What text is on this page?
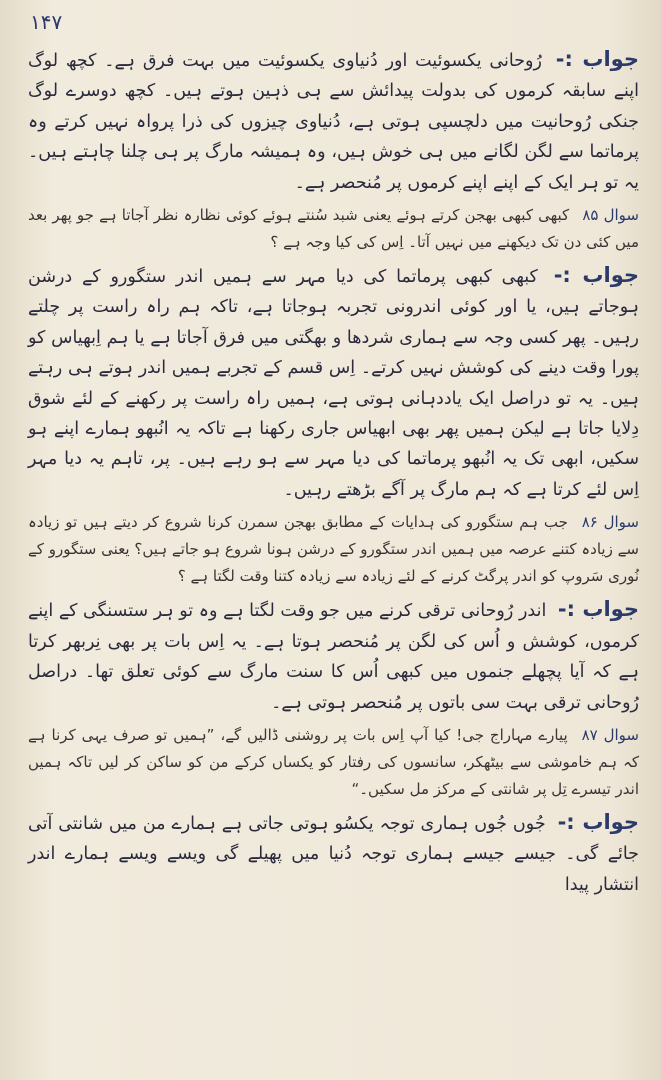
۱۴۷

جواب :- رُوحانی یکسوئیت اور دُنیاوی یکسوئیت میں بہت فرق ہے۔ کچھ لوگ اپنے سابقہ کرموں کی بدولت پیدائش سے ہی ذہین ہوتے ہیں۔ کچھ دوسرے لوگ جنکی رُوحانیت میں دلچسپی ہوتی ہے، دُنیاوی چیزوں کی ذرا پرواہ نہیں کرتے وہ پرماتما سے لگن لگانے میں ہی خوش ہیں، وہ ہمیشہ مارگ پر ہی چلنا چاہتے ہیں۔ یہ تو ہر ایک کے اپنے اپنے کرموں پر مُنحصر ہے۔

سوال ۸۵ کبھی کبھی بھجن کرتے ہوئے یعنی شبد سُنتے ہوئے کوئی نظارہ نظر آجاتا ہے جو پھر بعد میں کئی دن تک دیکھنے میں نہیں آتا۔ اِس کی کیا وجہ ہے ؟

جواب :- کبھی کبھی پرماتما کی دیا مہر سے ہمیں اندر ستگورو کے درشن ہوجاتے ہیں، یا اور کوئی اندرونی تجربہ ہوجاتا ہے، تاکہ ہم راہ راست پر چلتے رہیں۔ پھر کسی وجہ سے ہماری شردھا و بھگتی میں فرق آجاتا ہے یا ہم اِبھیاس کو پورا وقت دینے کی کوشش نہیں کرتے۔ اِس قسم کے تجربے ہمیں اندر ہوتے ہی رہتے ہیں۔ یہ تو دراصل ایک یاددہانی ہوتی ہے، ہمیں راہ راست پر رکھنے کے لئے شوق دِلایا جاتا ہے لیکن ہمیں پھر بھی ابھیاس جاری رکھنا ہے تاکہ یہ انُبھو ہمارے اپنے ہو سکیں، ابھی تک یہ انُبھو پرماتما کی دیا مہر سے ہو رہے ہیں۔ پر، تاہم یہ دیا مہر اِس لئے کرتا ہے کہ ہم مارگ پر آگے بڑھتے رہیں۔

سوال ۸۶ جب ہم ستگورو کی ہدایات کے مطابق بھجن سمرن کرنا شروع کر دیتے ہیں تو زیادہ سے زیادہ کتنے عرصہ میں ہمیں اندر ستگورو کے درشن ہونا شروع ہو جاتے ہیں؟ یعنی ستگورو کے نُوری سَروپ کو اندر پرگٹ کرنے کے لئے زیادہ سے زیادہ کتنا وقت لگتا ہے ؟

جواب :- اندر رُوحانی ترقی کرنے میں جو وقت لگتا ہے وہ تو ہر ستسنگی کے اپنے کرموں، کوشش و اُس کی لگن پر مُنحصر ہوتا ہے۔ یہ اِس بات پر بھی نِربھر کرتا ہے کہ آیا پچھلے جنموں میں کبھی اُس کا سنت مارگ سے کوئی تعلق تھا۔ دراصل رُوحانی ترقی بہت سی باتوں پر مُنحصر ہوتی ہے۔

سوال ۸۷ پیارے مہاراج جی! کیا آپ اِس بات پر روشنی ڈالیں گے، ”ہمیں تو صرف یہی کرنا ہے کہ ہم خاموشی سے بیٹھکر، سانسوں کی رفتار کو یکساں کرکے من کو ساکن کر لیں تاکہ ہمیں اندر تیسرے تِل پر شانتی کے مرکز مل سکیں۔“

جواب :- جُوں جُوں ہماری توجہ یکسُو ہوتی جاتی ہے ہمارے من میں شانتی آتی جائے گی۔ جیسے جیسے ہماری توجہ دُنیا میں پھیلے گی ویسے ویسے ہمارے اندر انتشار پیدا
